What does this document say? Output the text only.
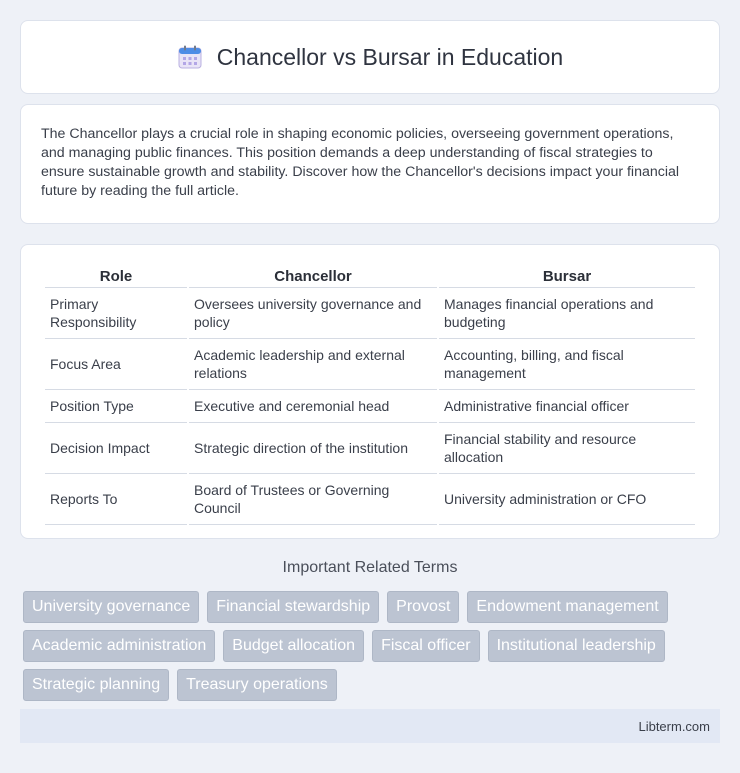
Chancellor vs Bursar in Education

The Chancellor plays a crucial role in shaping economic policies, overseeing government operations, and managing public finances. This position demands a deep understanding of fiscal strategies to ensure sustainable growth and stability. Discover how the Chancellor's decisions impact your financial future by reading the full article.

Role	Chancellor	Bursar
Primary Responsibility	Oversees university governance and policy	Manages financial operations and budgeting
Focus Area	Academic leadership and external relations	Accounting, billing, and fiscal management
Position Type	Executive and ceremonial head	Administrative financial officer
Decision Impact	Strategic direction of the institution	Financial stability and resource allocation
Reports To	Board of Trustees or Governing Council	University administration or CFO
Important Related Terms
University governance	Financial stewardship	Provost	Endowment management
Academic administration	Budget allocation	Fiscal officer	Institutional leadership
Strategic planning	Treasury operations
Libterm.com
